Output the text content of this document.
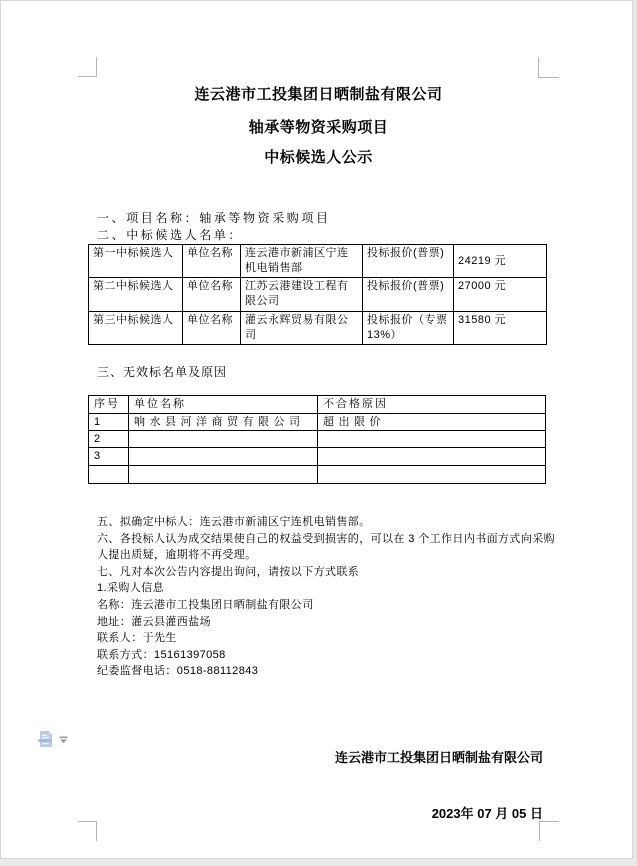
连云港市工投集团日晒制盐有限公司
轴承等物资采购项目
中标候选人公示
一、项目名称：轴承等物资采购项目
二、中标候选人名单：
第一中标候选人	单位名称	连云港市新浦区宁连机电销售部	投标报价(普票)	24219 元
第二中标候选人	单位名称	江苏云港建设工程有限公司	投标报价(普票)	27000 元
第三中标候选人	单位名称	灌云永辉贸易有限公司	投标报价（专票13%）	31580 元
三、无效标名单及原因
序号	单位名称	不合格原因
1	响水县河洋商贸有限公司	超出限价
2		
3		

五、拟确定中标人：连云港市新浦区宁连机电销售部。
六、各投标人认为成交结果使自己的权益受到损害的，可以在 3 个工作日内书面方式向采购
人提出质疑，逾期将不再受理。
七、凡对本次公告内容提出询问，请按以下方式联系
1.采购人信息
名称：连云港市工投集团日晒制盐有限公司
地址：灌云县灌西盐场
联系人：于先生
联系方式：15161397058
纪委监督电话：0518-88112843

连云港市工投集团日晒制盐有限公司

2023年 07 月 05 日
